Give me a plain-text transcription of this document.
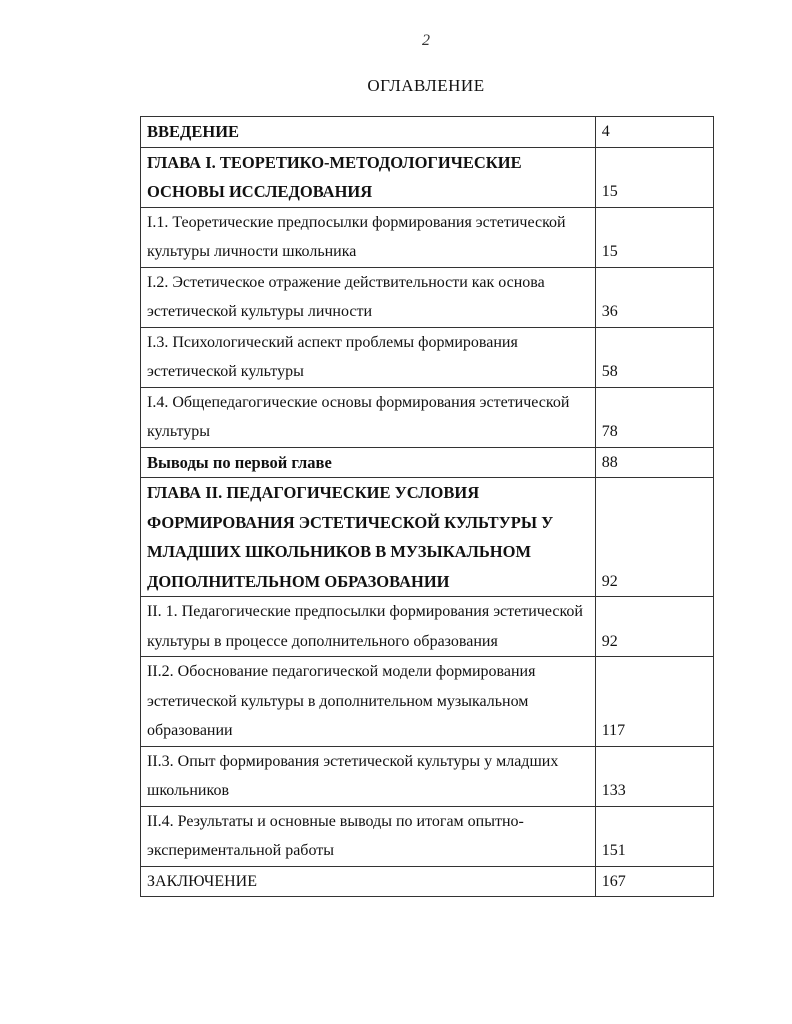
2
ОГЛАВЛЕНИЕ
ВВЕДЕНИЕ	4
ГЛАВА I. ТЕОРЕТИКО-МЕТОДОЛОГИЧЕСКИЕ ОСНОВЫ ИССЛЕДОВАНИЯ	15
I.1. Теоретические предпосылки формирования эстетической культуры личности школьника	15
I.2. Эстетическое отражение действительности как основа эстетической культуры личности	36
I.3. Психологический аспект проблемы формирования эстетической культуры	58
I.4. Общепедагогические основы формирования эстетической культуры	78
Выводы по первой главе	88
ГЛАВА II. ПЕДАГОГИЧЕСКИЕ УСЛОВИЯ ФОРМИРОВАНИЯ ЭСТЕТИЧЕСКОЙ КУЛЬТУРЫ У МЛАДШИХ ШКОЛЬНИКОВ В МУЗЫКАЛЬНОМ ДОПОЛНИТЕЛЬНОМ ОБРАЗОВАНИИ	92
II. 1. Педагогические предпосылки формирования эстетической культуры в процессе дополнительного образования	92
II.2. Обоснование педагогической модели формирования эстетической культуры в дополнительном музыкальном образовании	117
II.3. Опыт формирования эстетической культуры у младших школьников	133
II.4. Результаты и основные выводы по итогам опытно-экспериментальной работы	151
ЗАКЛЮЧЕНИЕ	167
